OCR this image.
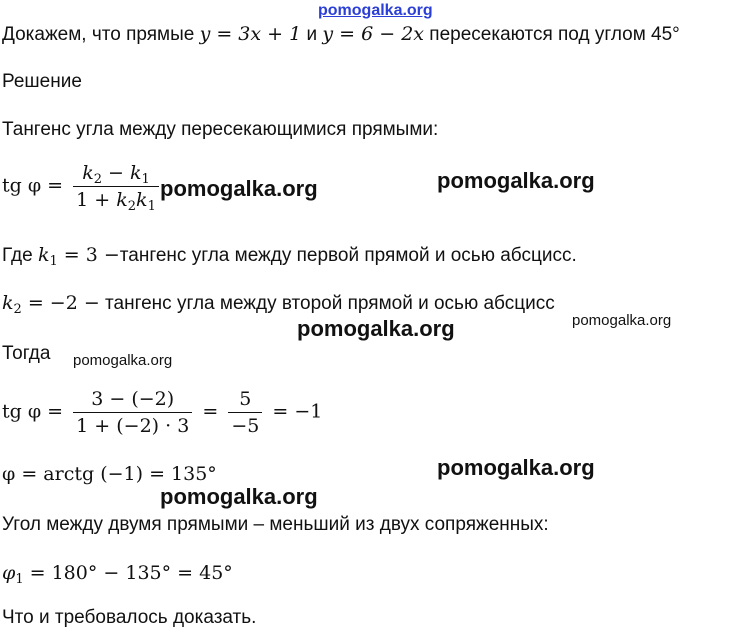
pomogalka.org
Докажем, что прямые y = 3x + 1 и y = 6 − 2x пересекаются под углом 45°
Решение
Тангенс угла между пересекающимися прямыми:
tg $\varphi = \frac{k_2 - k_1}{1 + k_2k_1}$
Где $k_1 = 3$ −тангенс угла между первой прямой и осью абсцисс.
$k_2 = -2$ − тангенс угла между второй прямой и осью абсцисс
Тогда
tg $\varphi = \frac{3 - (-2)}{1 + (-2) \cdot 3} = \frac{5}{-5} = -1$
φ = arctg (−1) = 135°
Угол между двумя прямыми – меньший из двух сопряженных:
$\varphi_1 = 180^\circ - 135^\circ = 45^\circ$
Что и требовалось доказать.
pomogalka.org	pomogalka.org
pomogalka.org	pomogalka.org
pomogalka.org
pomogalka.org
pomogalka.org
